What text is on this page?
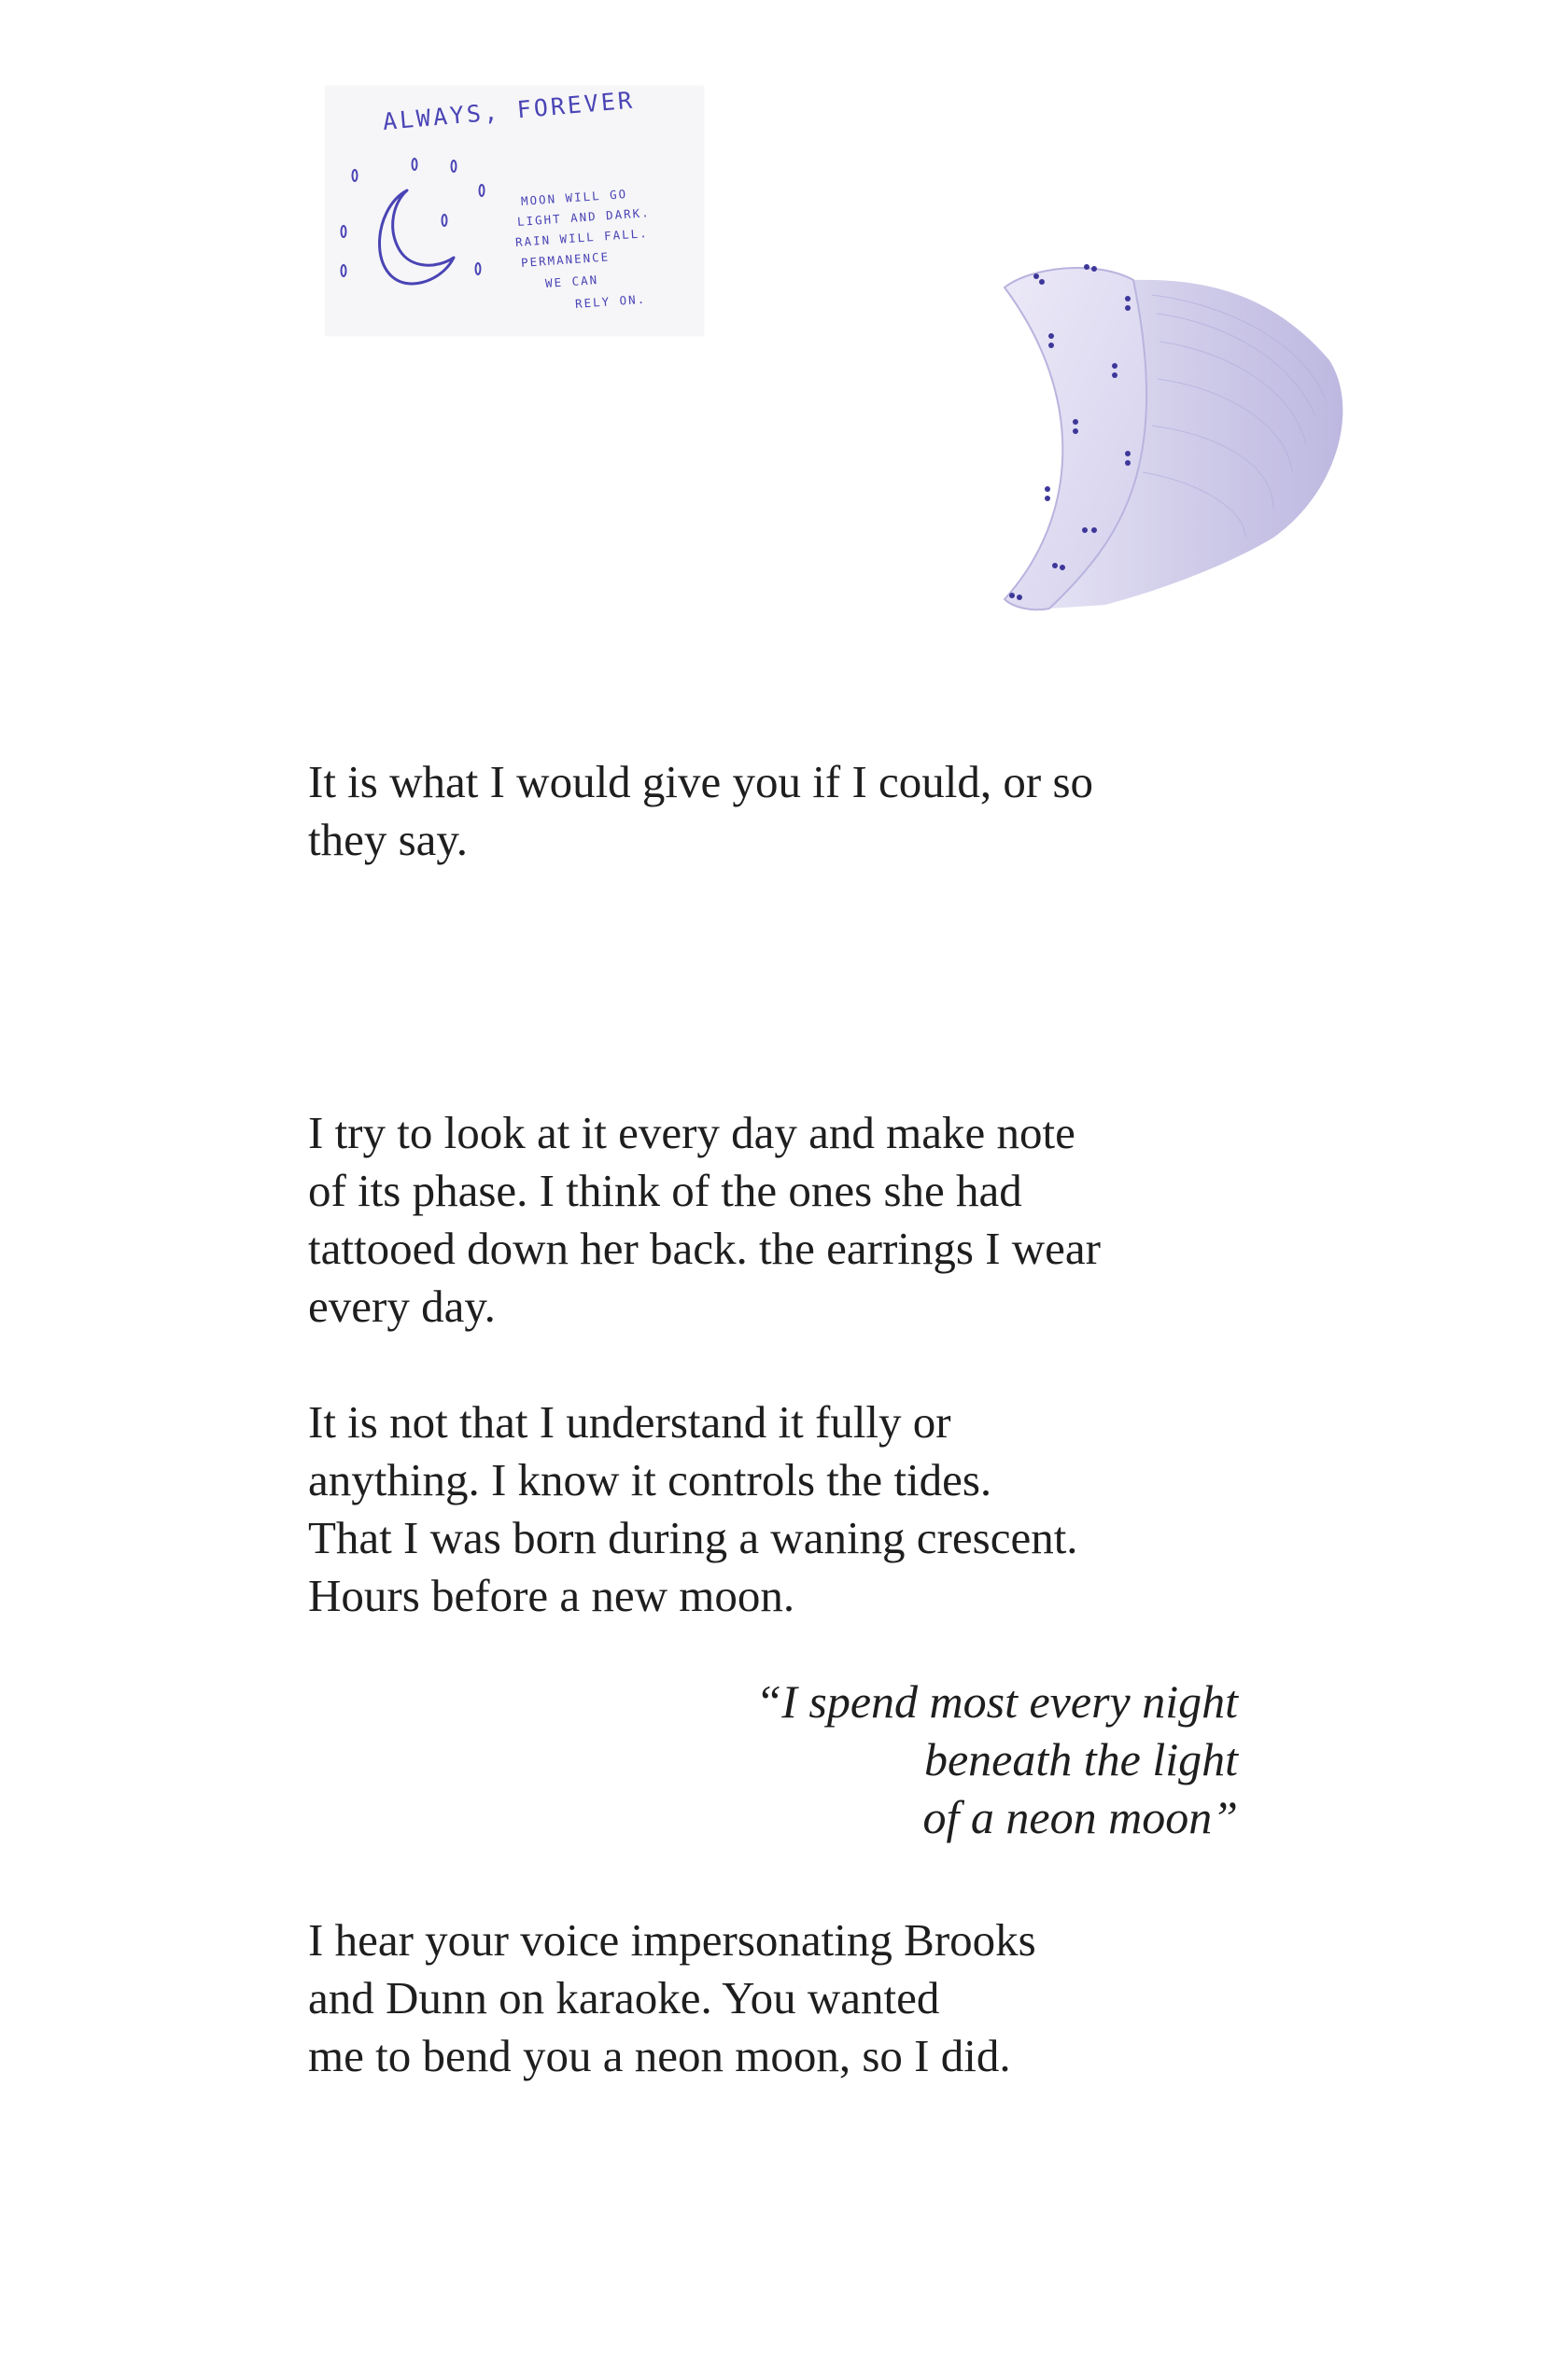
ALWAYS, FOREVER
MOON WILL GO
LIGHT AND DARK.
RAIN WILL FALL.
PERMANENCE
WE CAN
RELY ON.

It is what I would give you if I could, or so

they say.

I try to look at it every day and make note

of its phase. I think of the ones she had

tattooed down her back. the earrings I wear

every day.

It is not that I understand it fully or

anything. I know it controls the tides.

That I was born during a waning crescent.

Hours before a new moon.

“I spend most every night

beneath the light

of a neon moon”

I hear your voice impersonating Brooks

and Dunn on karaoke. You wanted

me to bend you a neon moon, so I did.
